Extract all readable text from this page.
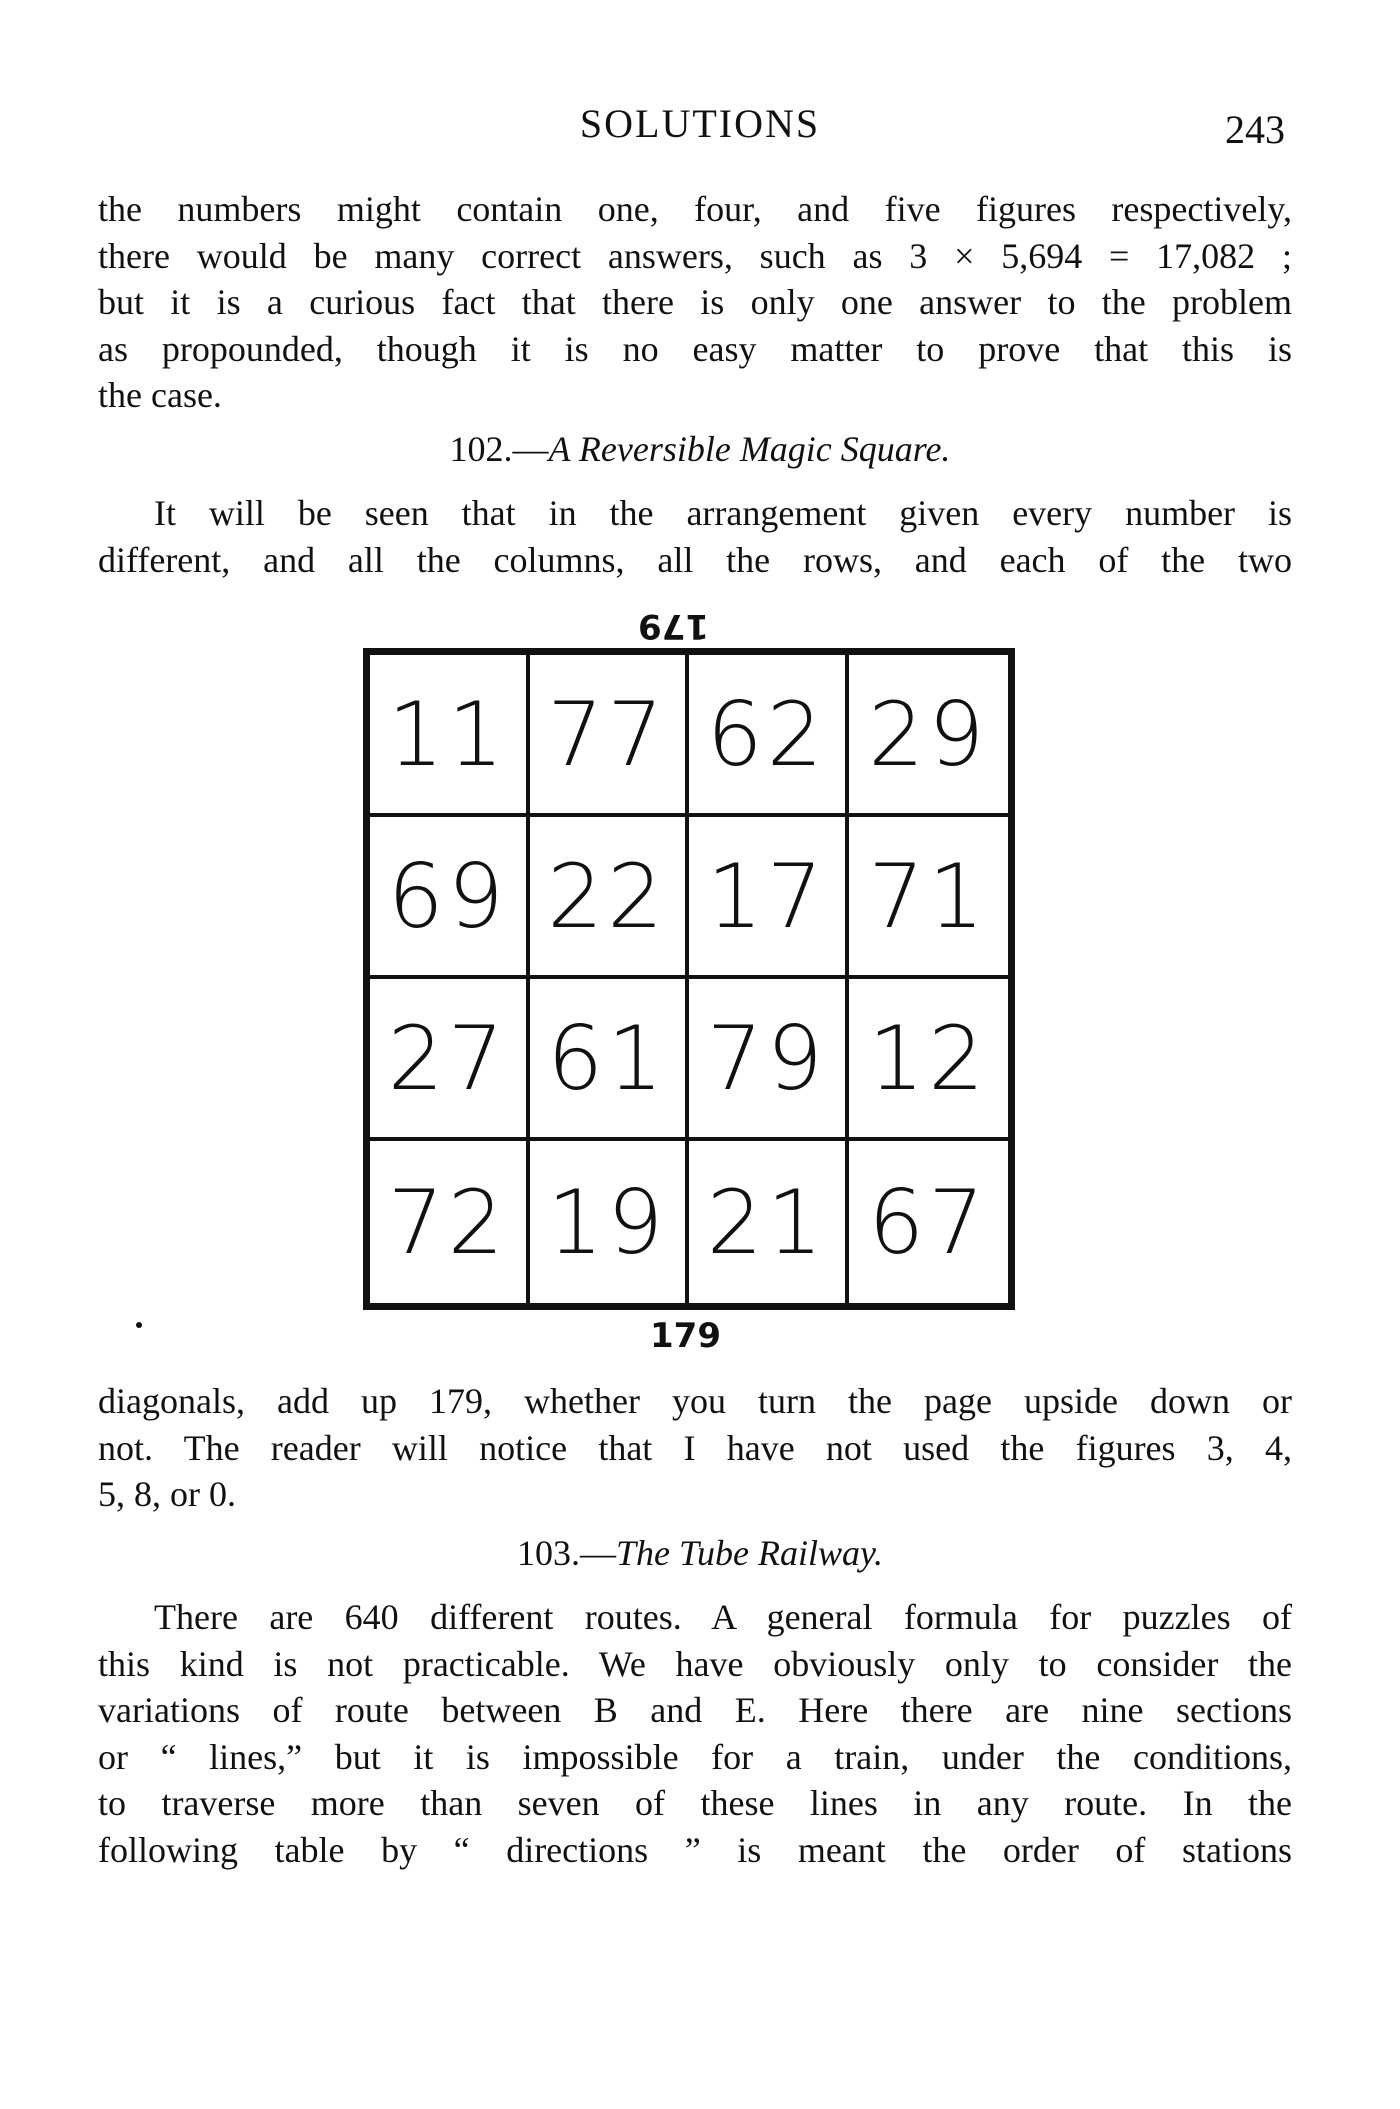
SOLUTIONS	243
the numbers might contain one, four, and five figures respectively,
there would be many correct answers, such as 3 × 5,694 = 17,082 ;
but it is a curious fact that there is only one answer to the problem
as propounded, though it is no easy matter to prove that this is
the case.
102.—A Reversible Magic Square.
It will be seen that in the arrangement given every number is
different, and all the columns, all the rows, and each of the two
179
11 77 62 29
69 22 17 71
27 61 79 12
72 19 21 67
179
diagonals, add up 179, whether you turn the page upside down or
not. The reader will notice that I have not used the figures 3, 4,
5, 8, or 0.
103.—The Tube Railway.
There are 640 different routes. A general formula for puzzles of
this kind is not practicable. We have obviously only to consider the
variations of route between B and E. Here there are nine sections
or “ lines,” but it is impossible for a train, under the conditions,
to traverse more than seven of these lines in any route. In the
following table by “ directions ” is meant the order of stations
